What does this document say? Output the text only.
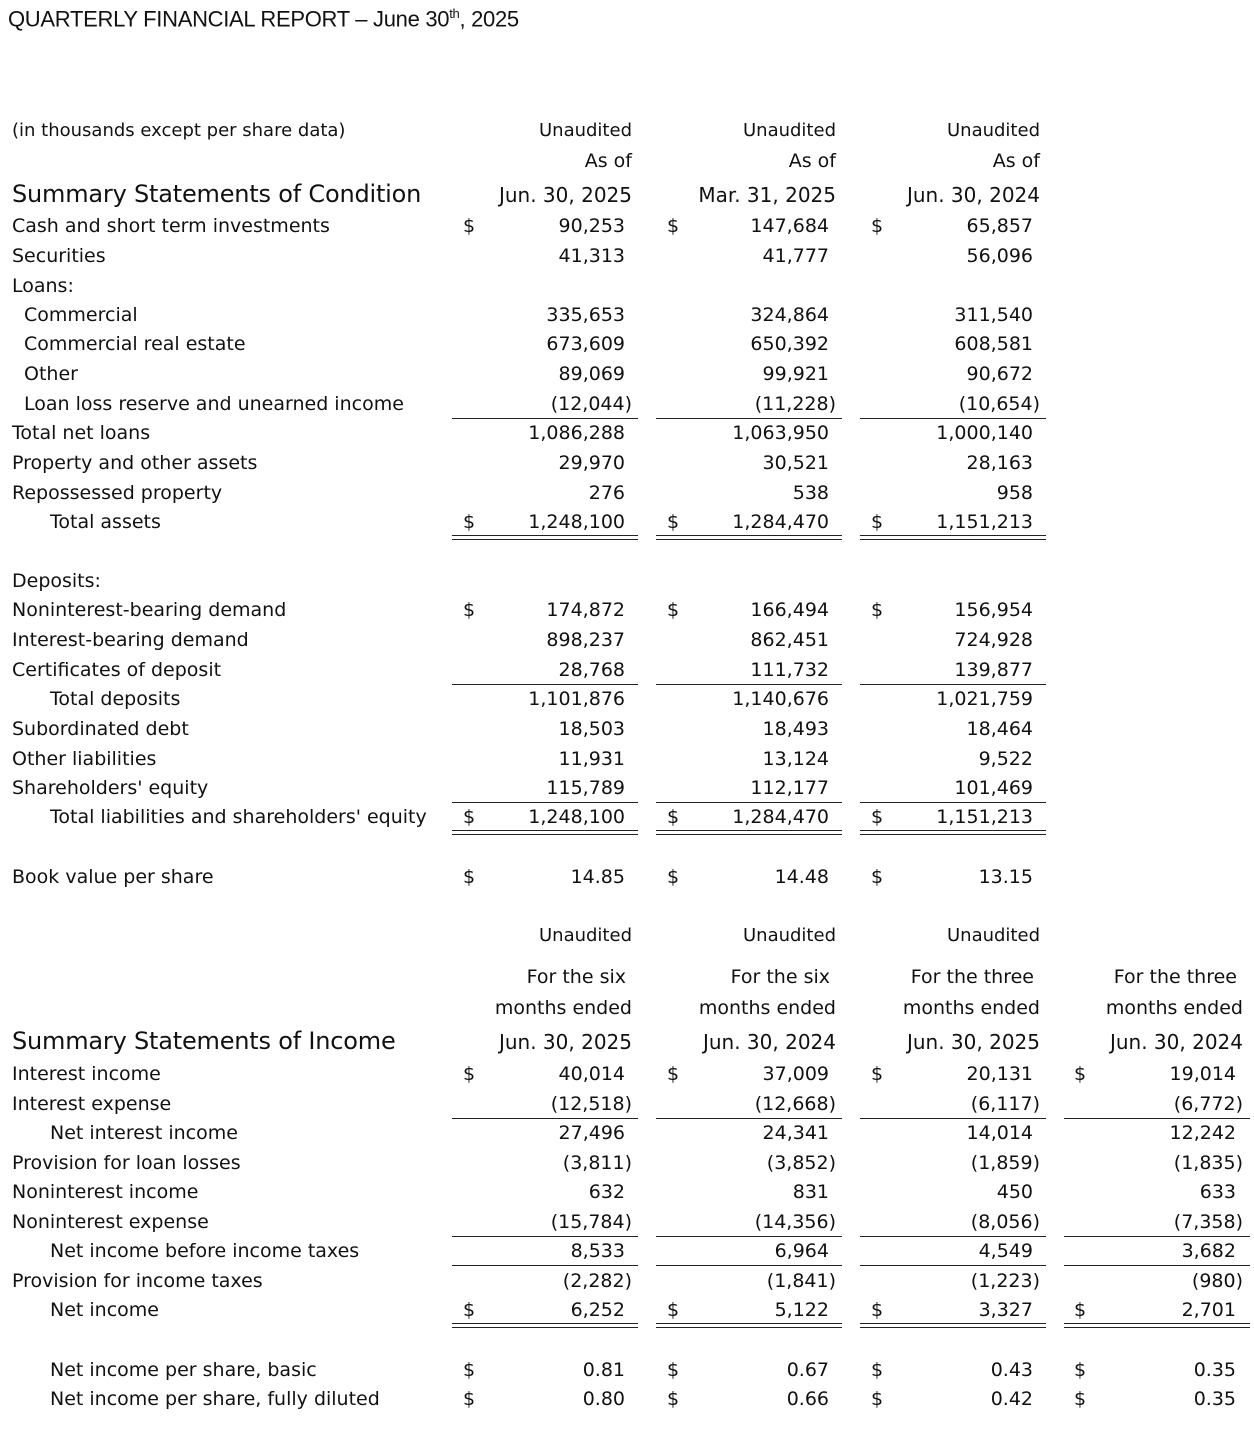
QUARTERLY FINANCIAL REPORT – June 30th, 2025
(in thousands except per share data)
Summary Statements of Condition
Unaudited
As of
Jun. 30, 2025
Unaudited
As of
Mar. 31, 2025
Unaudited
As of
Jun. 30, 2024
Cash and short term investments	$	90,253 $	147,684 $	65,857
Securities	41,313	41,777	56,096
Loans:
Commercial	335,653	324,864	311,540
Commercial real estate	673,609	650,392	608,581
Other	89,069	99,921	90,672
Loan loss reserve and unearned income	(12,044)	(11,228)	(10,654)
Total net loans	1,086,288	1,063,950	1,000,140
Property and other assets	29,970	30,521	28,163
Repossessed property	276	538	958
Total assets	$	1,248,100 $	1,284,470 $	1,151,213
Deposits:
Noninterest-bearing demand	$	174,872 $	166,494 $	156,954
Interest-bearing demand	898,237	862,451	724,928
Certificates of deposit	28,768	111,732	139,877
Total deposits	1,101,876	1,140,676	1,021,759
Subordinated debt	18,503	18,493	18,464
Other liabilities	11,931	13,124	9,522
Shareholders' equity	115,789	112,177	101,469
Total liabilities and shareholders' equity $	1,248,100 $	1,284,470 $	1,151,213
Book value per share	$	14.85 $	14.48 $	13.15
Summary Statements of Income
Unaudited
For the six
months ended
Jun. 30, 2025
Unaudited
For the six
months ended
Jun. 30, 2024
Unaudited
For the three
months ended
Jun. 30, 2025
For the three
months ended
Jun. 30, 2024
Interest income	$	40,014 $	37,009 $	20,131 $	19,014
Interest expense	(12,518)	(12,668)	(6,117)	(6,772)
Net interest income	27,496	24,341	14,014	12,242
Provision for loan losses	(3,811)	(3,852)	(1,859)	(1,835)
Noninterest income	632	831	450	633
Noninterest expense	(15,784)	(14,356)	(8,056)	(7,358)
Net income before income taxes	8,533	6,964	4,549	3,682
Provision for income taxes	(2,282)	(1,841)	(1,223)	(980)
Net income	$	6,252 $	5,122 $	3,327 $	2,701
Net income per share, basic	$	0.81 $	0.67 $	0.43 $	0.35
Net income per share, fully diluted	$	0.80 $	0.66 $	0.42 $	0.35
